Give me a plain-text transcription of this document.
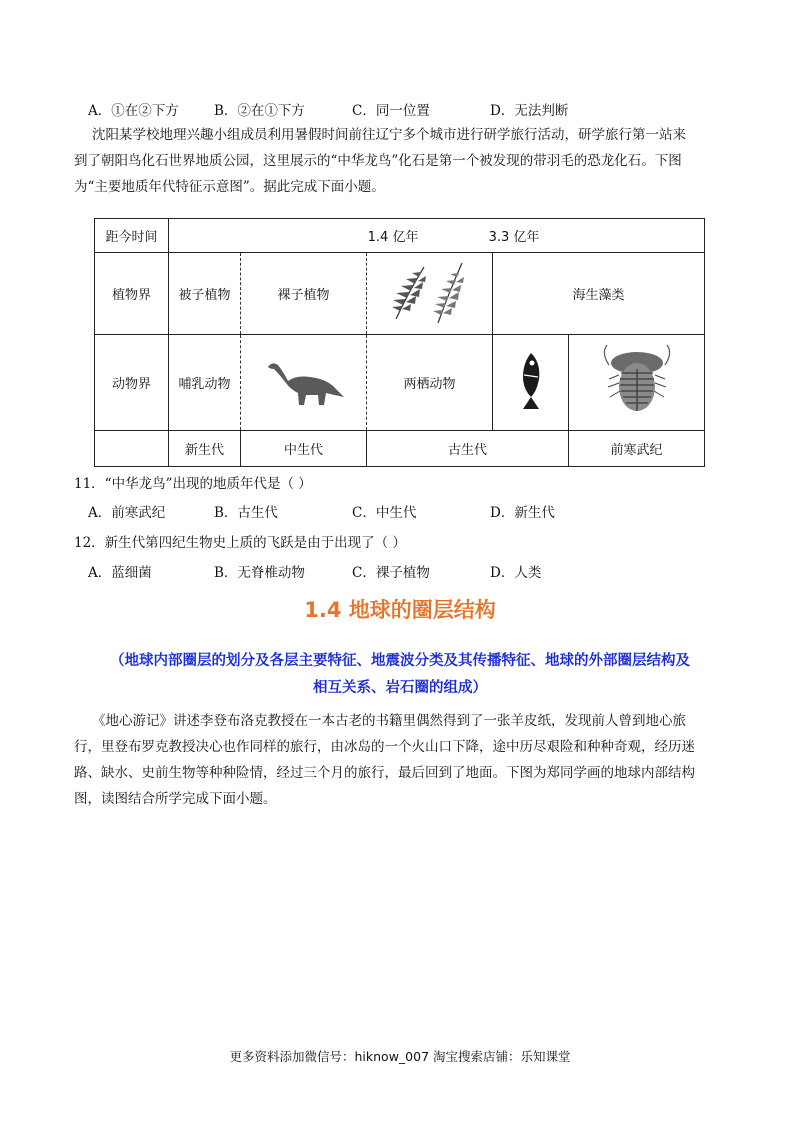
A．①在②下方	B．②在①下方	C．同一位置	D．无法判断
沈阳某学校地理兴趣小组成员利用暑假时间前往辽宁多个城市进行研学旅行活动，研学旅行第一站来
到了朝阳鸟化石世界地质公园，这里展示的“中华龙鸟”化石是第一个被发现的带羽毛的恐龙化石。下图
为“主要地质年代特征示意图”。据此完成下面小题。
距今时间	1.4 亿年 3.3 亿年				
植物界	被子植物	裸子植物		海生藻类	
动物界	哺乳动物		两栖动物		
	新生代	中生代	古生代		前寒武纪
11．“中华龙鸟”出现的地质年代是（ ）
A．前寒武纪	B．古生代	C．中生代	D．新生代
12．新生代第四纪生物史上质的飞跃是由于出现了（ ）
A．蓝细菌	B．无脊椎动物	C．裸子植物	D．人类
1.4 地球的圈层结构
（地球内部圈层的划分及各层主要特征、地震波分类及其传播特征、地球的外部圈层结构及
相互关系、岩石圈的组成）
《地心游记》讲述李登布洛克教授在一本古老的书籍里偶然得到了一张羊皮纸，发现前人曾到地心旅
行，里登布罗克教授决心也作同样的旅行，由冰岛的一个火山口下降，途中历尽艰险和种种奇观，经历迷
路、缺水、史前生物等种种险情，经过三个月的旅行，最后回到了地面。下图为郑同学画的地球内部结构
图，读图结合所学完成下面小题。
更多资料添加微信号：hiknow_007 淘宝搜索店铺：乐知课堂
